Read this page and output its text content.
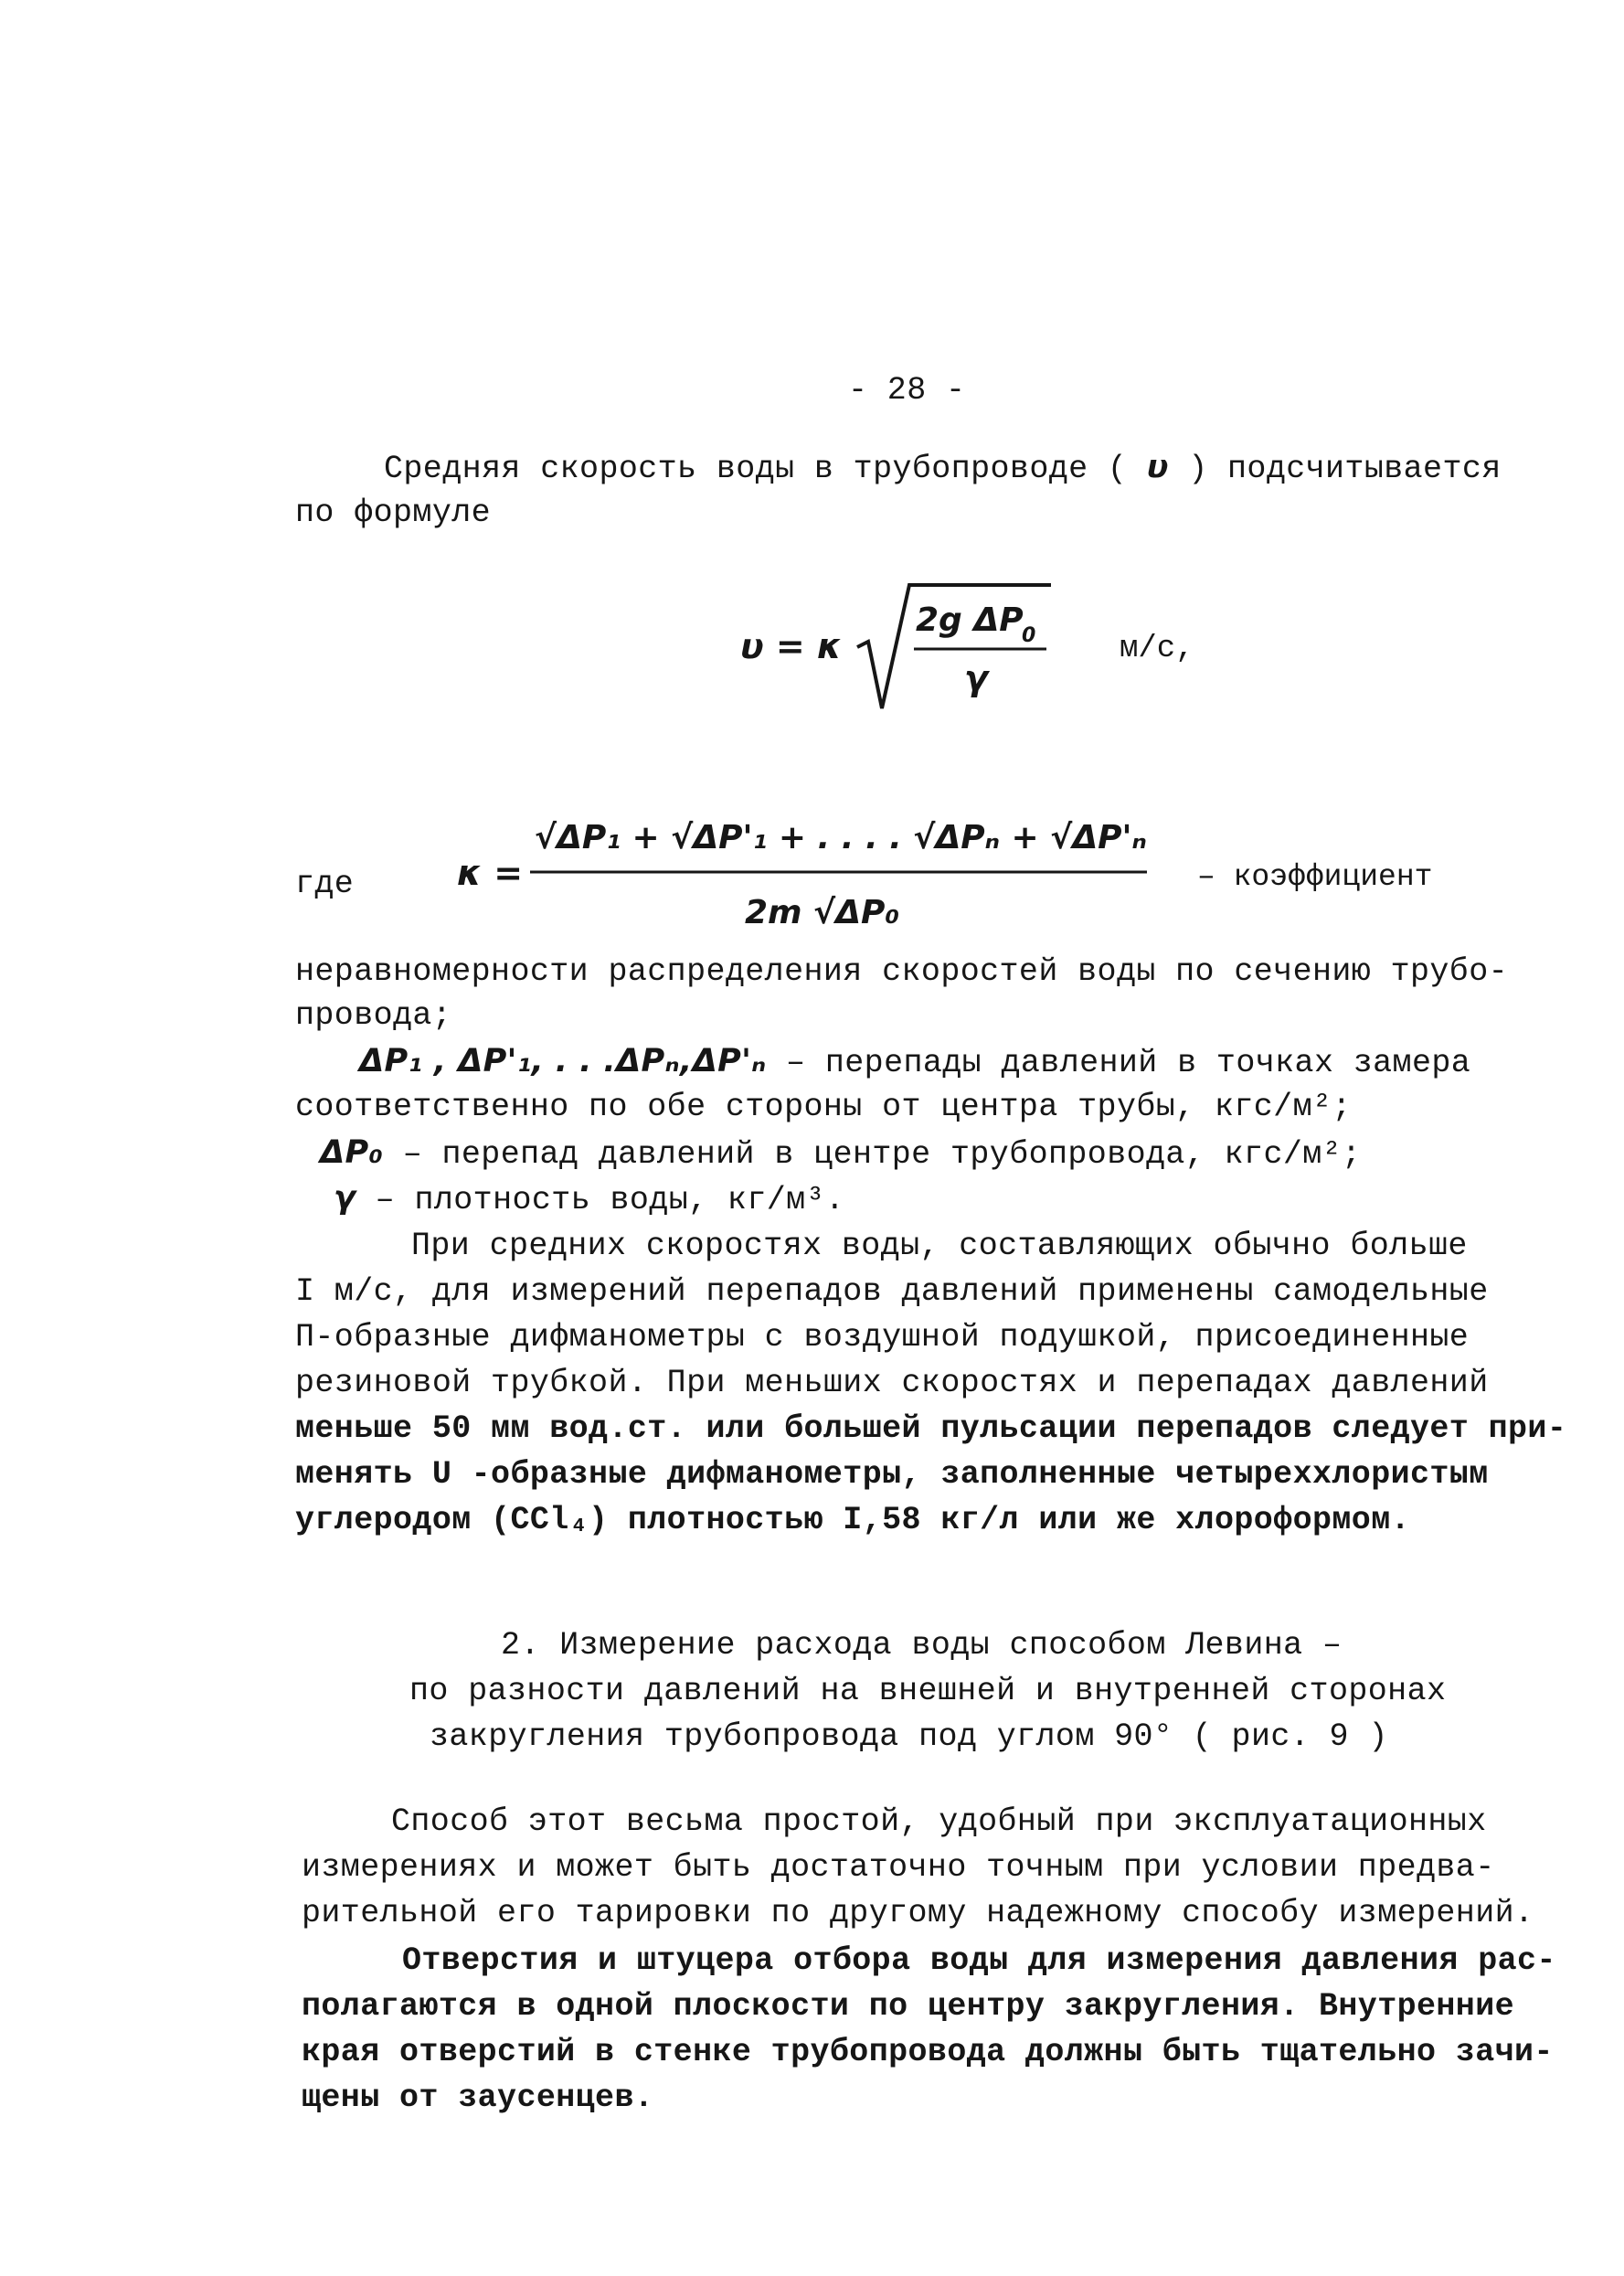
- 28 -
Средняя скорость воды в трубопроводе ( υ ) подсчитывается
по формуле
υ = κ
2g ΔP
0
γ
м/с,
где	κ =
√ΔP₁ + √ΔP'₁ + . . . . √ΔPₙ + √ΔP'ₙ
2m √ΔP₀
– коэффициент
неравномерности распределения скоростей воды по сечению трубо-
провода;
ΔP₁ , ΔP'₁, . . .ΔPₙ,ΔP'ₙ – перепады давлений в точках замера
соответственно по обе стороны от центра трубы, кгс/м²;
ΔP₀ – перепад давлений в центре трубопровода, кгс/м²;
γ – плотность воды, кг/м³.
При средних скоростях воды, составляющих обычно больше
I м/с, для измерений перепадов давлений применены самодельные
П-образные дифманометры с воздушной подушкой, присоединенные
резиновой трубкой. При меньших скоростях и перепадах давлений
меньше 50 мм вод.ст. или большей пульсации перепадов следует при-
менять U -образные дифманометры, заполненные четыреххлористым
углеродом (CCl₄) плотностью I,58 кг/л или же хлороформом.
2. Измерение расхода воды способом Левина –
по разности давлений на внешней и внутренней сторонах
закругления трубопровода под углом 90° ( рис. 9 )
Способ этот весьма простой, удобный при эксплуатационных
измерениях и может быть достаточно точным при условии предва-
рительной его тарировки по другому надежному способу измерений.
Отверстия и штуцера отбора воды для измерения давления рас-
полагаются в одной плоскости по центру закругления. Внутренние
края отверстий в стенке трубопровода должны быть тщательно зачи-
щены от заусенцев.
